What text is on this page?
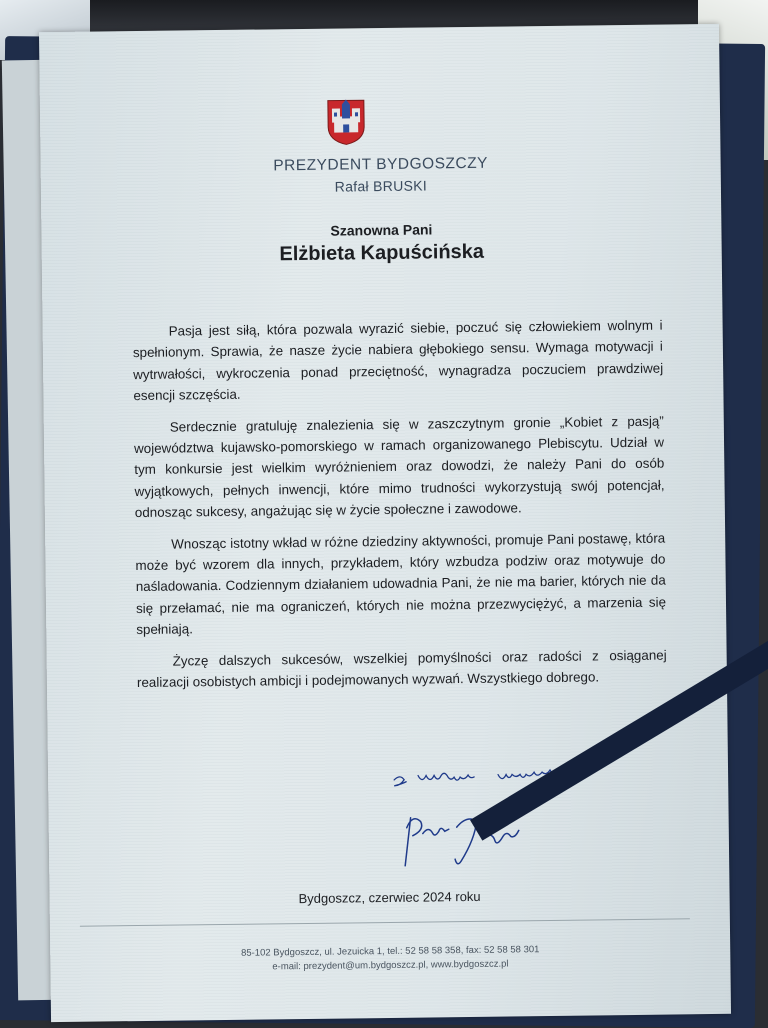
PREZYDENT BYDGOSZCZY
Rafał BRUSKI
Szanowna Pani
Elżbieta Kapuścińska

Pasja jest siłą, która pozwala wyrazić siebie, poczuć się człowiekiem wolnym i spełnionym. Sprawia, że nasze życie nabiera głębokiego sensu. Wymaga motywacji i wytrwałości, wykroczenia ponad przeciętność, wynagradza poczuciem prawdziwej esencji szczęścia.

Serdecznie gratuluję znalezienia się w zaszczytnym gronie „Kobiet z pasją” województwa kujawsko-pomorskiego w ramach organizowanego Plebiscytu. Udział w tym konkursie jest wielkim wyróżnieniem oraz dowodzi, że należy Pani do osób wyjątkowych, pełnych inwencji, które mimo trudności wykorzystują swój potencjał, odnosząc sukcesy, angażując się w życie społeczne i zawodowe.

Wnosząc istotny wkład w różne dziedziny aktywności, promuje Pani postawę, która może być wzorem dla innych, przykładem, który wzbudza podziw oraz motywuje do naśladowania. Codziennym działaniem udowadnia Pani, że nie ma barier, których nie da się przełamać, nie ma ograniczeń, których nie można przezwyciężyć, a marzenia się spełniają.

Życzę dalszych sukcesów, wszelkiej pomyślności oraz radości z osiąganej realizacji osobistych ambicji i podejmowanych wyzwań. Wszystkiego dobrego.

Bydgoszcz, czerwiec 2024 roku
85-102 Bydgoszcz, ul. Jezuicka 1, tel.: 52 58 58 358, fax: 52 58 58 301
e-mail: prezydent@um.bydgoszcz.pl, www.bydgoszcz.pl
